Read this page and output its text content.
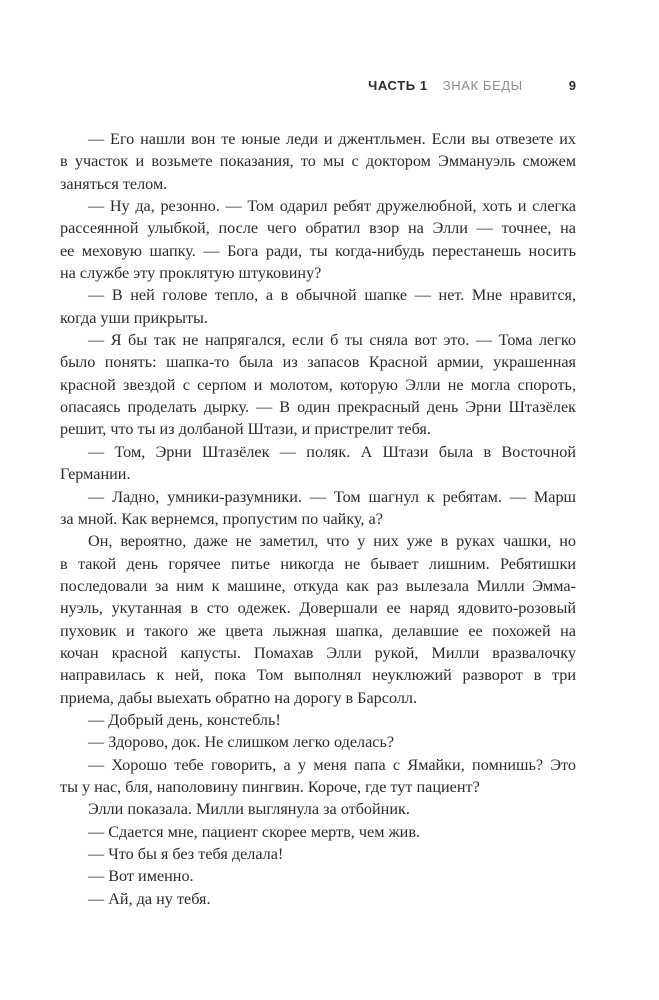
ЧАСТЬ 1 ЗНАК БЕДЫ	9
— Его нашли вон те юные леди и джентльмен. Если вы отвезете их
в участок и возьмете показания, то мы с доктором Эммануэль сможем
заняться телом.
— Ну да, резонно. — Том одарил ребят дружелюбной, хоть и слегка
рассеянной улыбкой, после чего обратил взор на Элли — точнее, на
ее меховую шапку. — Бога ради, ты когда-нибудь перестанешь носить
на службе эту проклятую штуковину?
— В ней голове тепло, а в обычной шапке — нет. Мне нравится,
когда уши прикрыты.
— Я бы так не напрягался, если б ты сняла вот это. — Тома легко
было понять: шапка-то была из запасов Красной армии, украшенная
красной звездой с серпом и молотом, которую Элли не могла спороть,
опасаясь проделать дырку. — В один прекрасный день Эрни Штазёлек
решит, что ты из долбаной Штази, и пристрелит тебя.
— Том, Эрни Штазёлек — поляк. А Штази была в Восточной
Германии.
— Ладно, умники-разумники. — Том шагнул к ребятам. — Марш
за мной. Как вернемся, пропустим по чайку, а?
Он, вероятно, даже не заметил, что у них уже в руках чашки, но
в такой день горячее питье никогда не бывает лишним. Ребятишки
последовали за ним к машине, откуда как раз вылезала Милли Эмма-
нуэль, укутанная в сто одежек. Довершали ее наряд ядовито-розовый
пуховик и такого же цвета лыжная шапка, делавшие ее похожей на
кочан красной капусты. Помахав Элли рукой, Милли вразвалочку
направилась к ней, пока Том выполнял неуклюжий разворот в три
приема, дабы выехать обратно на дорогу в Барсолл.
— Добрый день, констебль!
— Здорово, док. Не слишком легко оделась?
— Хорошо тебе говорить, а у меня папа с Ямайки, помнишь? Это
ты у нас, бля, наполовину пингвин. Короче, где тут пациент?
Элли показала. Милли выглянула за отбойник.
— Сдается мне, пациент скорее мертв, чем жив.
— Что бы я без тебя делала!
— Вот именно.
— Ай, да ну тебя.
